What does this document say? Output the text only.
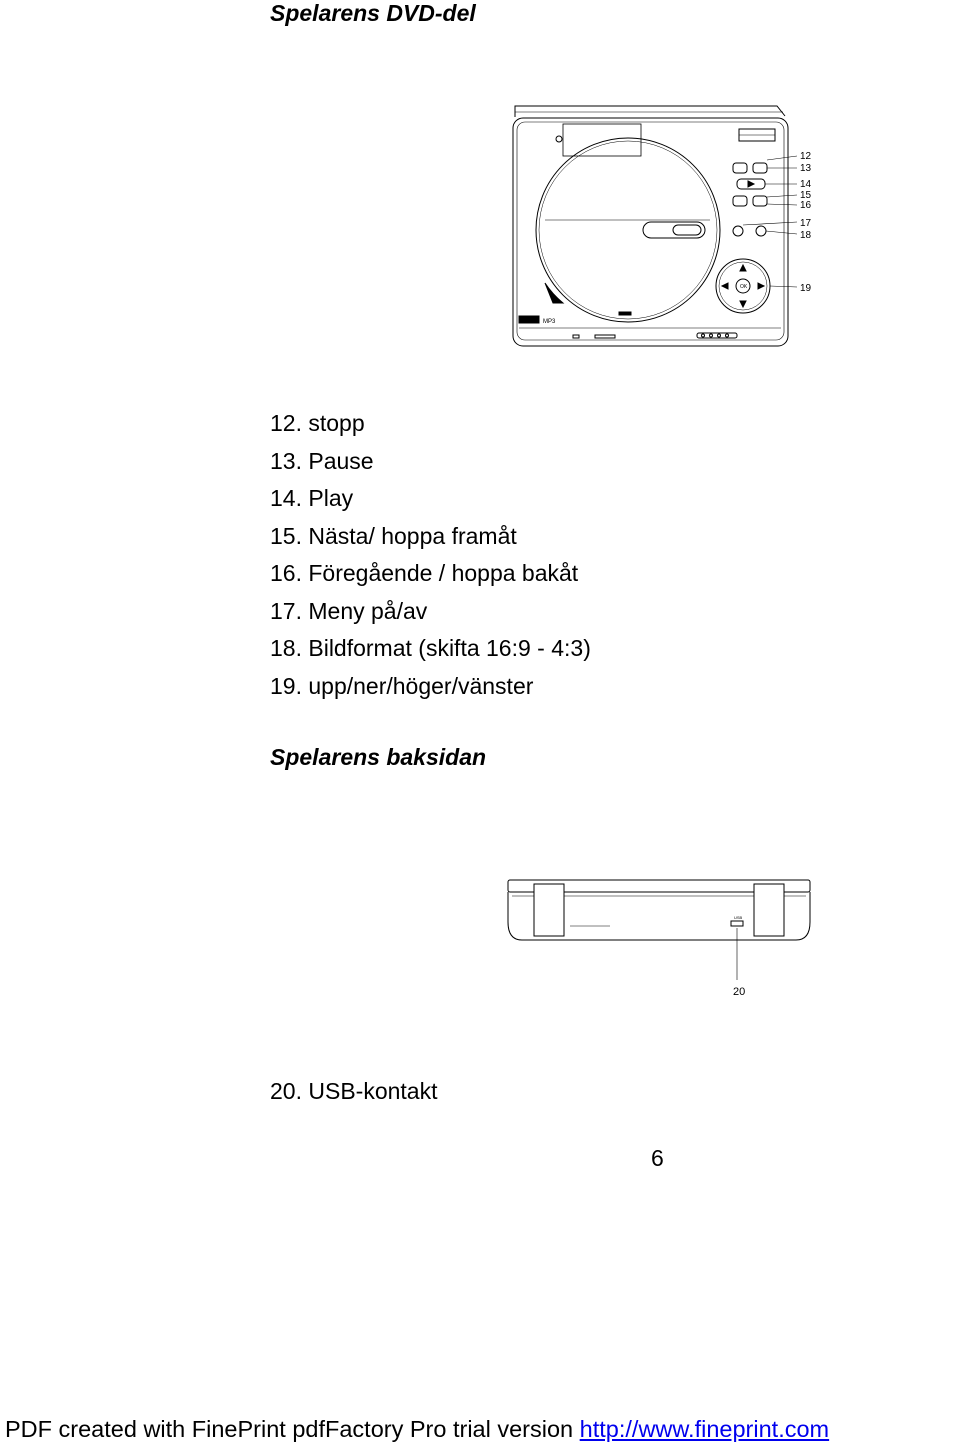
Spelarens DVD-del
12
13
14
15
16
17
18
19
MP3
OK
12. stopp
13. Pause
14. Play
15. Nästa/ hoppa framåt
16. Föregående / hoppa bakåt
17. Meny på/av
18. Bildformat (skifta 16:9 - 4:3)
19. upp/ner/höger/vänster
Spelarens baksidan
USB
20
20. USB-kontakt
6
PDF created with FinePrint pdfFactory Pro trial version http://www.fineprint.com
